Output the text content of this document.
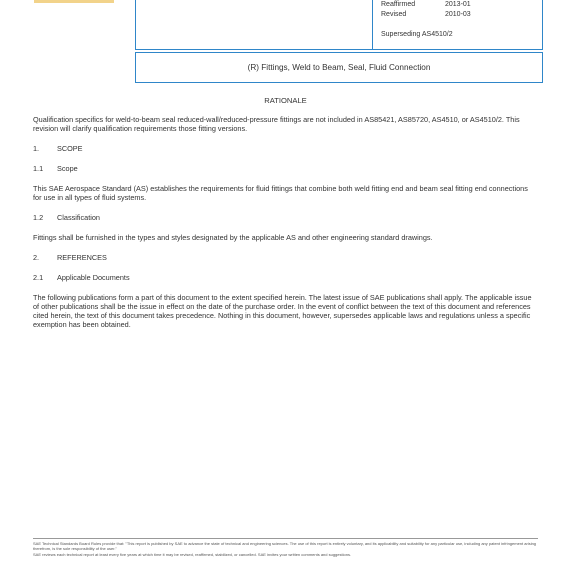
Reaffirmed	2013-01
Revised	2010-03
Superseding AS4510/2
(R) Fittings, Weld to Beam, Seal, Fluid Connection
RATIONALE

Qualification specifics for weld-to-beam seal reduced-wall/reduced-pressure fittings are not included in AS85421, AS85720, AS4510, or AS4510/2. This revision will clarify qualification requirements those fitting versions.

1. SCOPE

1.1 Scope

This SAE Aerospace Standard (AS) establishes the requirements for fluid fittings that combine both weld fitting end and beam seal fitting end connections for use in all types of fluid systems.

1.2 Classification

Fittings shall be furnished in the types and styles designated by the applicable AS and other engineering standard drawings.

2. REFERENCES

2.1 Applicable Documents

The following publications form a part of this document to the extent specified herein. The latest issue of SAE publications shall apply. The applicable issue of other publications shall be the issue in effect on the date of the purchase order. In the event of conflict between the text of this document and references cited herein, the text of this document takes precedence. Nothing in this document, however, supersedes applicable laws and regulations unless a specific exemption has been obtained.

SAE Technical Standards Board Rules provide that: "This report is published by SAE to advance the state of technical and engineering sciences. The use of this report is entirely voluntary, and its applicability and suitability for any particular use, including any patent infringement arising therefrom, is the sole responsibility of the user."

SAE reviews each technical report at least every five years at which time it may be revised, reaffirmed, stabilized, or cancelled. SAE invites your written comments and suggestions.
